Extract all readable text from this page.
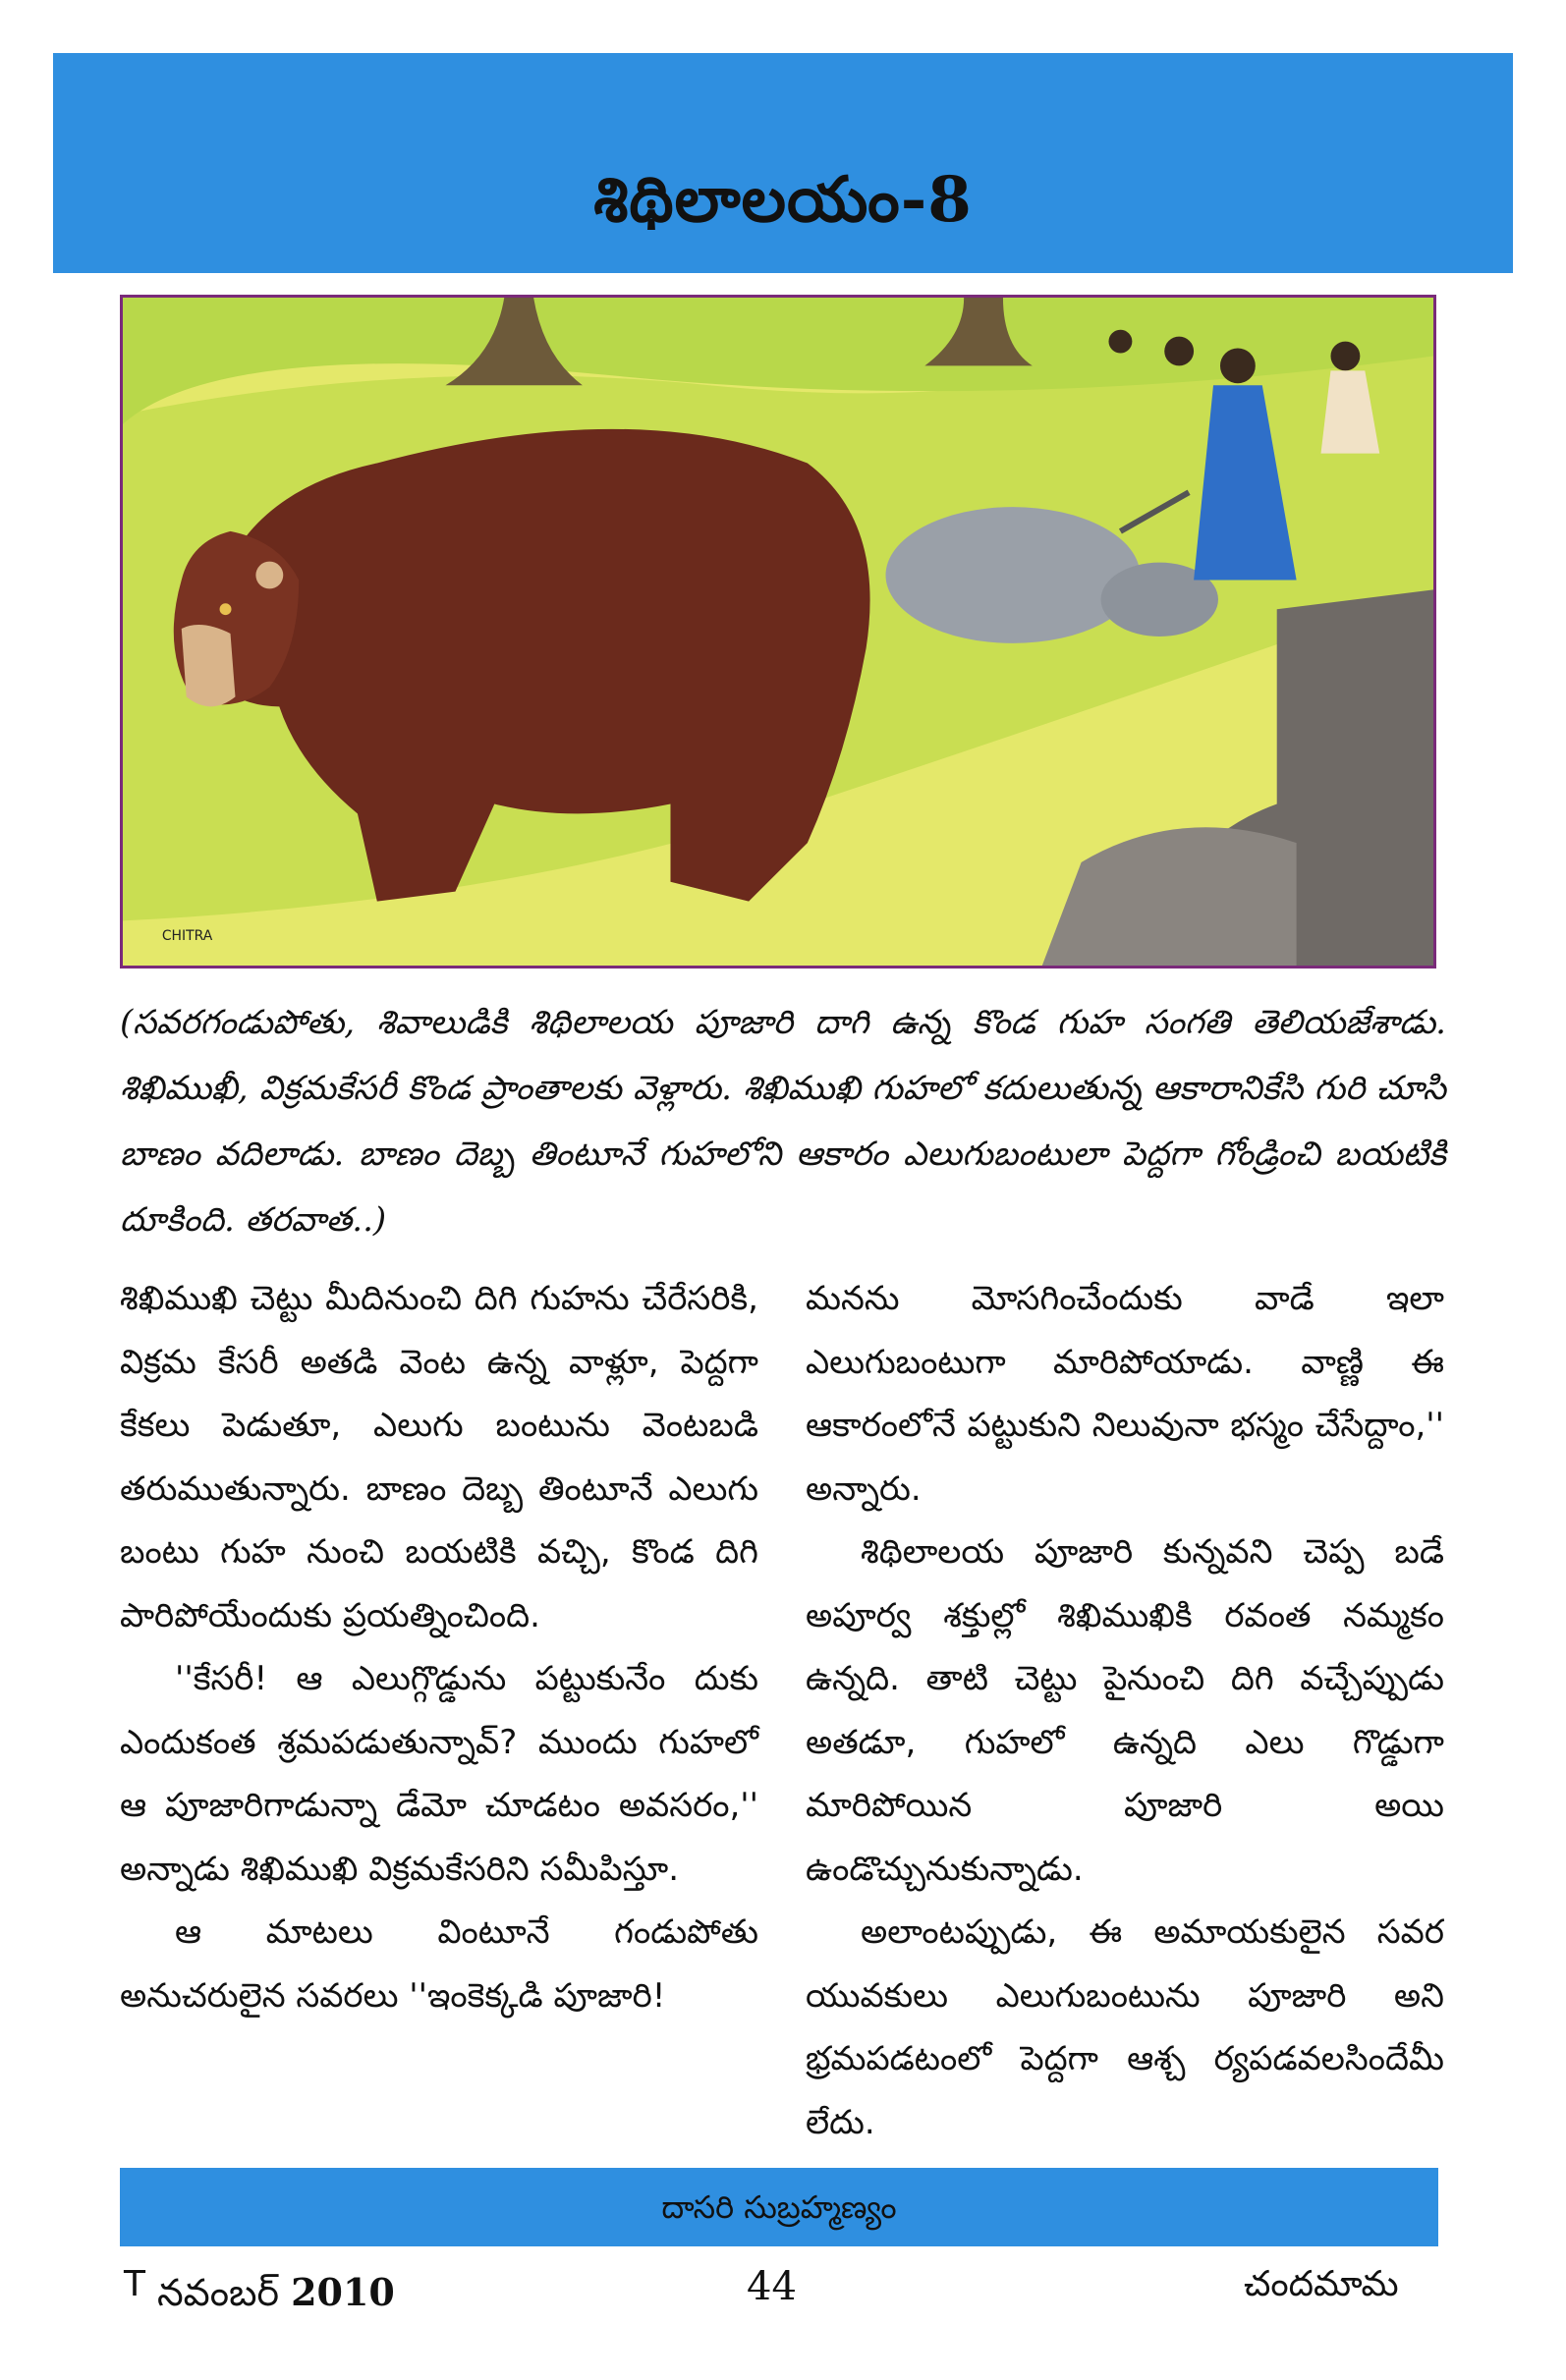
శిథిలాలయం-8
CHITRA
(సవరగండుపోతు, శివాలుడికి శిథిలాలయ పూజారి దాగి ఉన్న కొండ గుహ సంగతి తెలియజేశాడు. శిఖిముఖీ, విక్రమకేసరీ కొండ ప్రాంతాలకు వెళ్లారు. శిఖిముఖి గుహలో కదులుతున్న ఆకారానికేసి గురి చూసి బాణం వదిలాడు. బాణం దెబ్బ తింటూనే గుహలోని ఆకారం ఎలుగుబంటులా పెద్దగా గోండ్రించి బయటికి దూకింది. తరవాత..)

శిఖిముఖి చెట్టు మీదినుంచి దిగి గుహను చేరేసరికి, విక్రమ కేసరీ అతడి వెంట ఉన్న వాళ్లూ, పెద్దగా కేకలు పెడుతూ, ఎలుగు బంటును వెంటబడి తరుముతున్నారు. బాణం దెబ్బ తింటూనే ఎలుగు బంటు గుహ నుంచి బయటికి వచ్చి, కొండ దిగి పారిపోయేందుకు ప్రయత్నించింది.

''కేసరీ! ఆ ఎలుగ్గొడ్డును పట్టుకునేం దుకు ఎందుకంత శ్రమపడుతున్నావ్? ముందు గుహలో ఆ పూజారిగాడున్నా డేమో చూడటం అవసరం,'' అన్నాడు శిఖిముఖి విక్రమకేసరిని సమీపిస్తూ.

ఆ మాటలు వింటూనే గండుపోతు అనుచరులైన సవరలు ''ఇంకెక్కడి పూజారి!

మనను మోసగించేందుకు వాడే ఇలా ఎలుగుబంటుగా మారిపోయాడు. వాణ్ణి ఈ ఆకారంలోనే పట్టుకుని నిలువునా భస్మం చేసేద్దాం,'' అన్నారు.

శిథిలాలయ పూజారి కున్నవని చెప్ప బడే అపూర్వ శక్తుల్లో శిఖిముఖికి రవంత నమ్మకం ఉన్నది. తాటి చెట్టు పైనుంచి దిగి వచ్చేప్పుడు అతడూ, గుహలో ఉన్నది ఎలు గొడ్డుగా మారిపోయిన పూజారి అయి ఉండొచ్చునుకున్నాడు.

అలాంటప్పుడు, ఈ అమాయకులైన సవర యువకులు ఎలుగుబంటును పూజారి అని భ్రమపడటంలో పెద్దగా ఆశ్చ ర్యపడవలసిందేమీ లేదు.

దాసరి సుబ్రహ్మణ్యం
T నవంబర్ 2010	44	చందమామ
